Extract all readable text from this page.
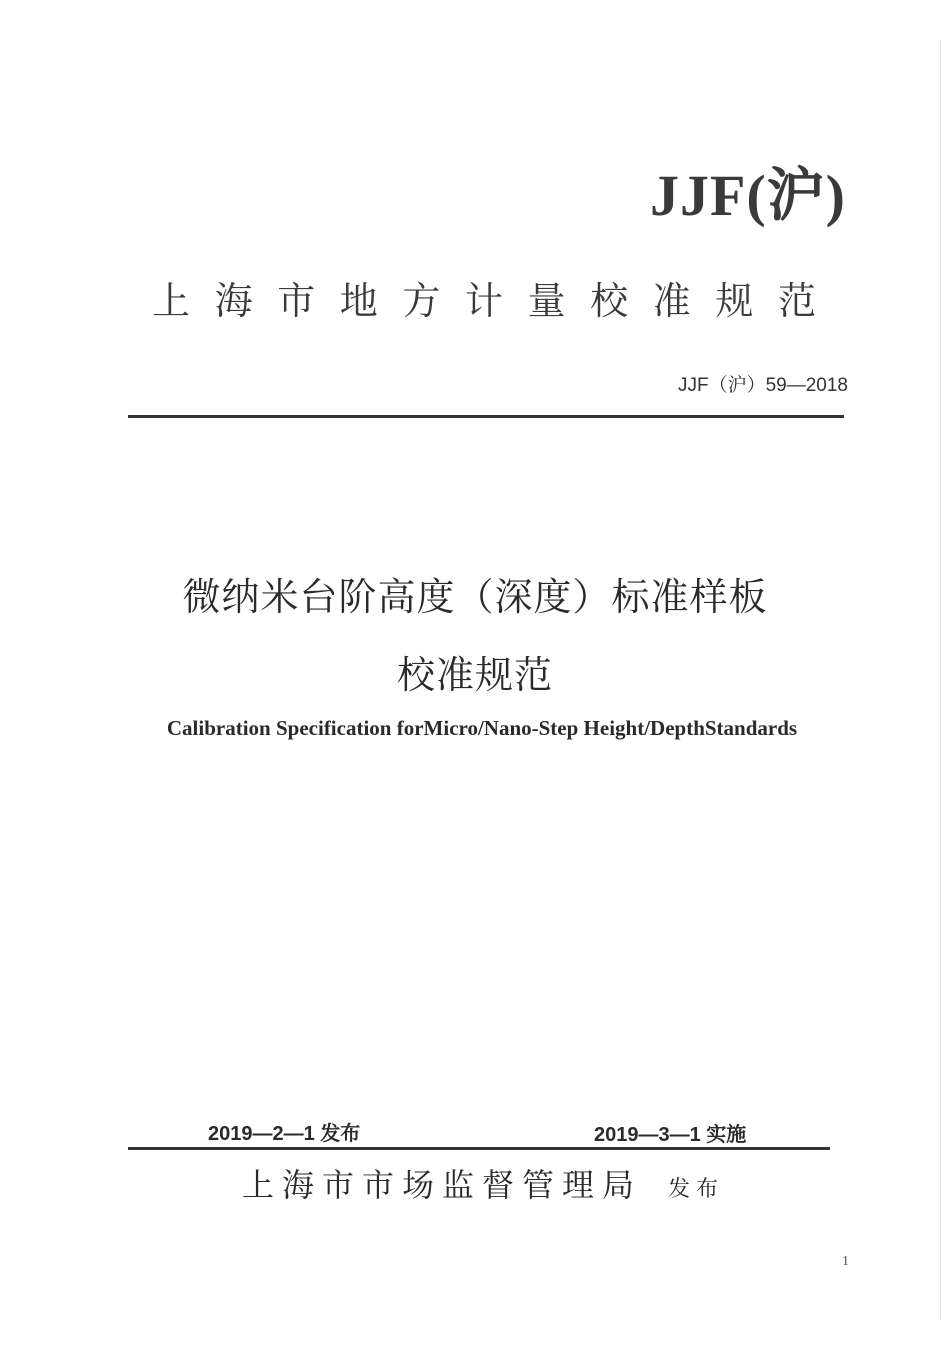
JJF(沪)
上 海 市 地 方 计 量 校 准 规 范
JJF（沪）59—2018
微纳米台阶高度（深度）标准样板
校准规范
Calibration Specification forMicro/Nano-Step Height/DepthStandards
2019—2—1 发布	2019—3—1 实施
上海市市场监督管理局 发布
1
